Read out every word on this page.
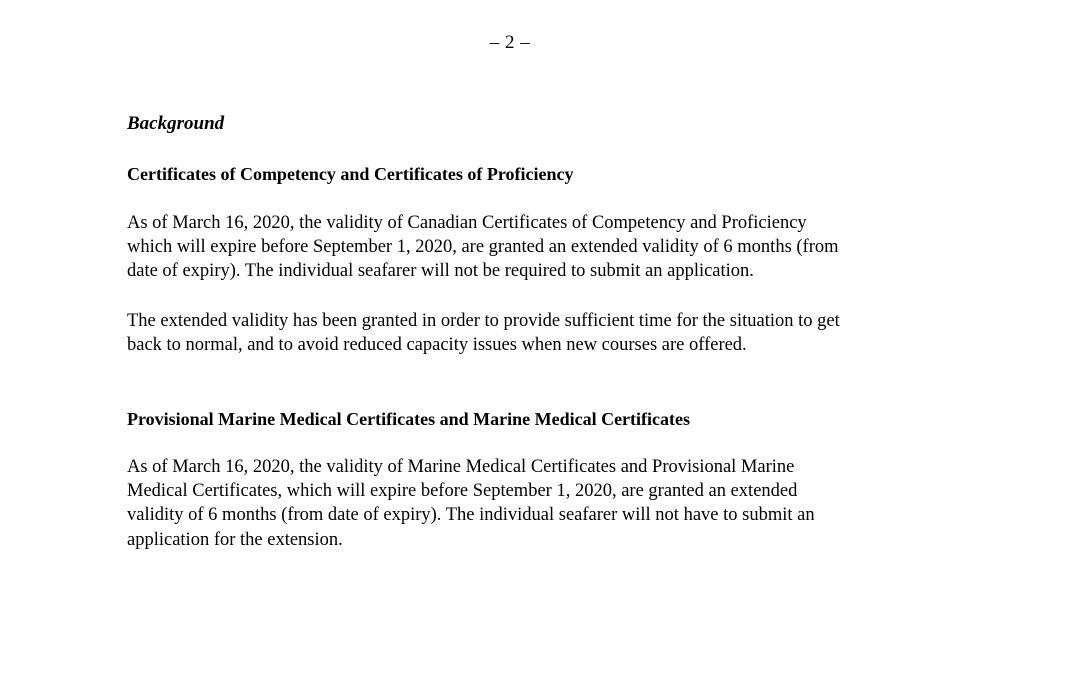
– 2 –

Background

Certificates of Competency and Certificates of Proficiency

As of March 16, 2020, the validity of Canadian Certificates of Competency and Proficiency
which will expire before September 1, 2020, are granted an extended validity of 6 months (from
date of expiry). The individual seafarer will not be required to submit an application.

The extended validity has been granted in order to provide sufficient time for the situation to get
back to normal, and to avoid reduced capacity issues when new courses are offered.

Provisional Marine Medical Certificates and Marine Medical Certificates

As of March 16, 2020, the validity of Marine Medical Certificates and Provisional Marine
Medical Certificates, which will expire before September 1, 2020, are granted an extended
validity of 6 months (from date of expiry). The individual seafarer will not have to submit an
application for the extension.
